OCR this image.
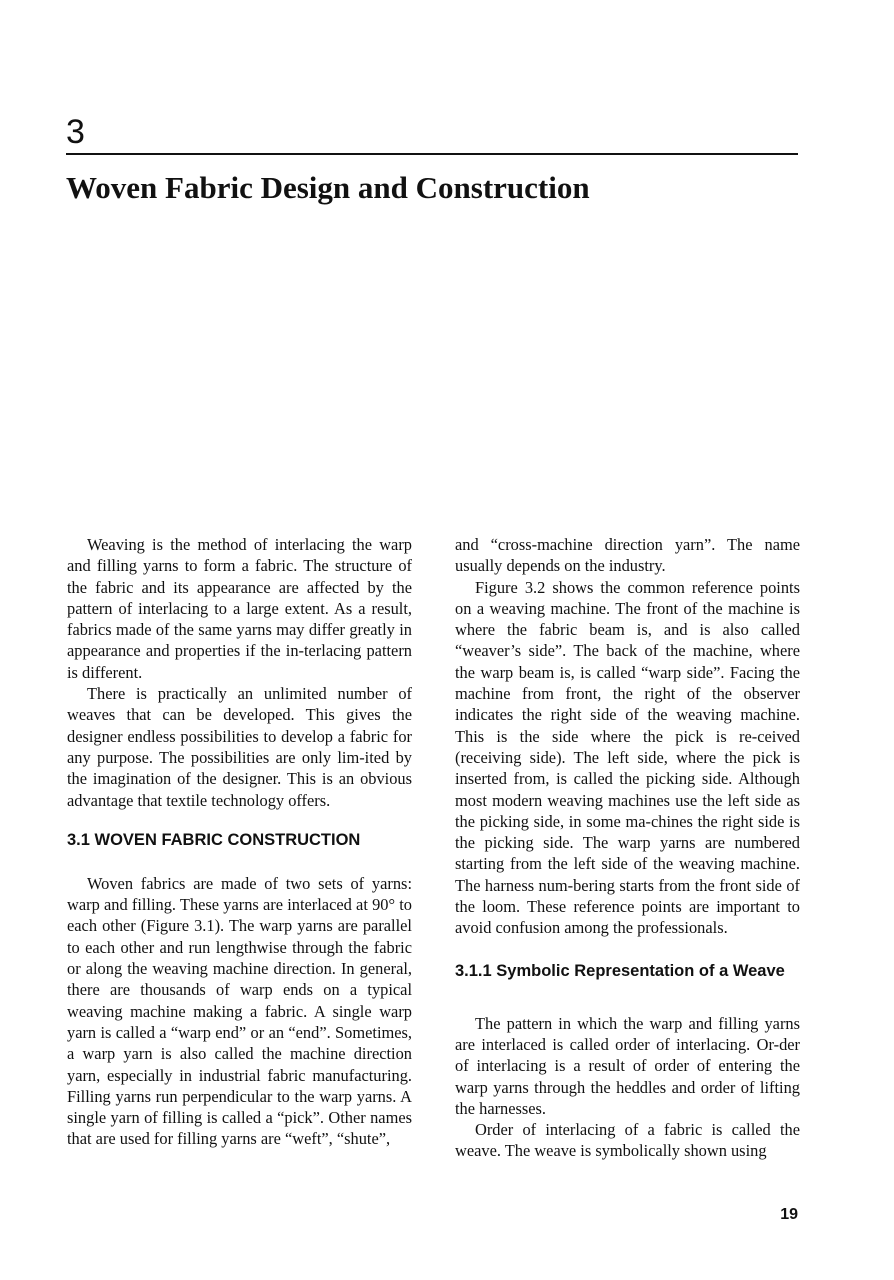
3
Woven Fabric Design and Construction

Weaving is the method of interlacing the warp and filling yarns to form a fabric. The structure of the fabric and its appearance are affected by the pattern of interlacing to a large extent. As a result, fabrics made of the same yarns may differ greatly in appearance and properties if the in-terlacing pattern is different.

There is practically an unlimited number of weaves that can be developed. This gives the designer endless possibilities to develop a fabric for any purpose. The possibilities are only lim-ited by the imagination of the designer. This is an obvious advantage that textile technology offers.

3.1 WOVEN FABRIC CONSTRUCTION

Woven fabrics are made of two sets of yarns: warp and filling. These yarns are interlaced at 90° to each other (Figure 3.1). The warp yarns are parallel to each other and run lengthwise through the fabric or along the weaving machine direction. In general, there are thousands of warp ends on a typical weaving machine making a fabric. A single warp yarn is called a “warp end” or an “end”. Sometimes, a warp yarn is also called the machine direction yarn, especially in industrial fabric manufacturing. Filling yarns run perpendicular to the warp yarns. A single yarn of filling is called a “pick”. Other names that are used for filling yarns are “weft”, “shute”,

and “cross-machine direction yarn”. The name usually depends on the industry.

Figure 3.2 shows the common reference points on a weaving machine. The front of the machine is where the fabric beam is, and is also called “weaver’s side”. The back of the machine, where the warp beam is, is called “warp side”. Facing the machine from front, the right of the observer indicates the right side of the weaving machine. This is the side where the pick is re-ceived (receiving side). The left side, where the pick is inserted from, is called the picking side. Although most modern weaving machines use the left side as the picking side, in some ma-chines the right side is the picking side. The warp yarns are numbered starting from the left side of the weaving machine. The harness num-bering starts from the front side of the loom. These reference points are important to avoid confusion among the professionals.

3.1.1 Symbolic Representation of a Weave

The pattern in which the warp and filling yarns are interlaced is called order of interlacing. Or-der of interlacing is a result of order of entering the warp yarns through the heddles and order of lifting the harnesses.

Order of interlacing of a fabric is called the weave. The weave is symbolically shown using

19
